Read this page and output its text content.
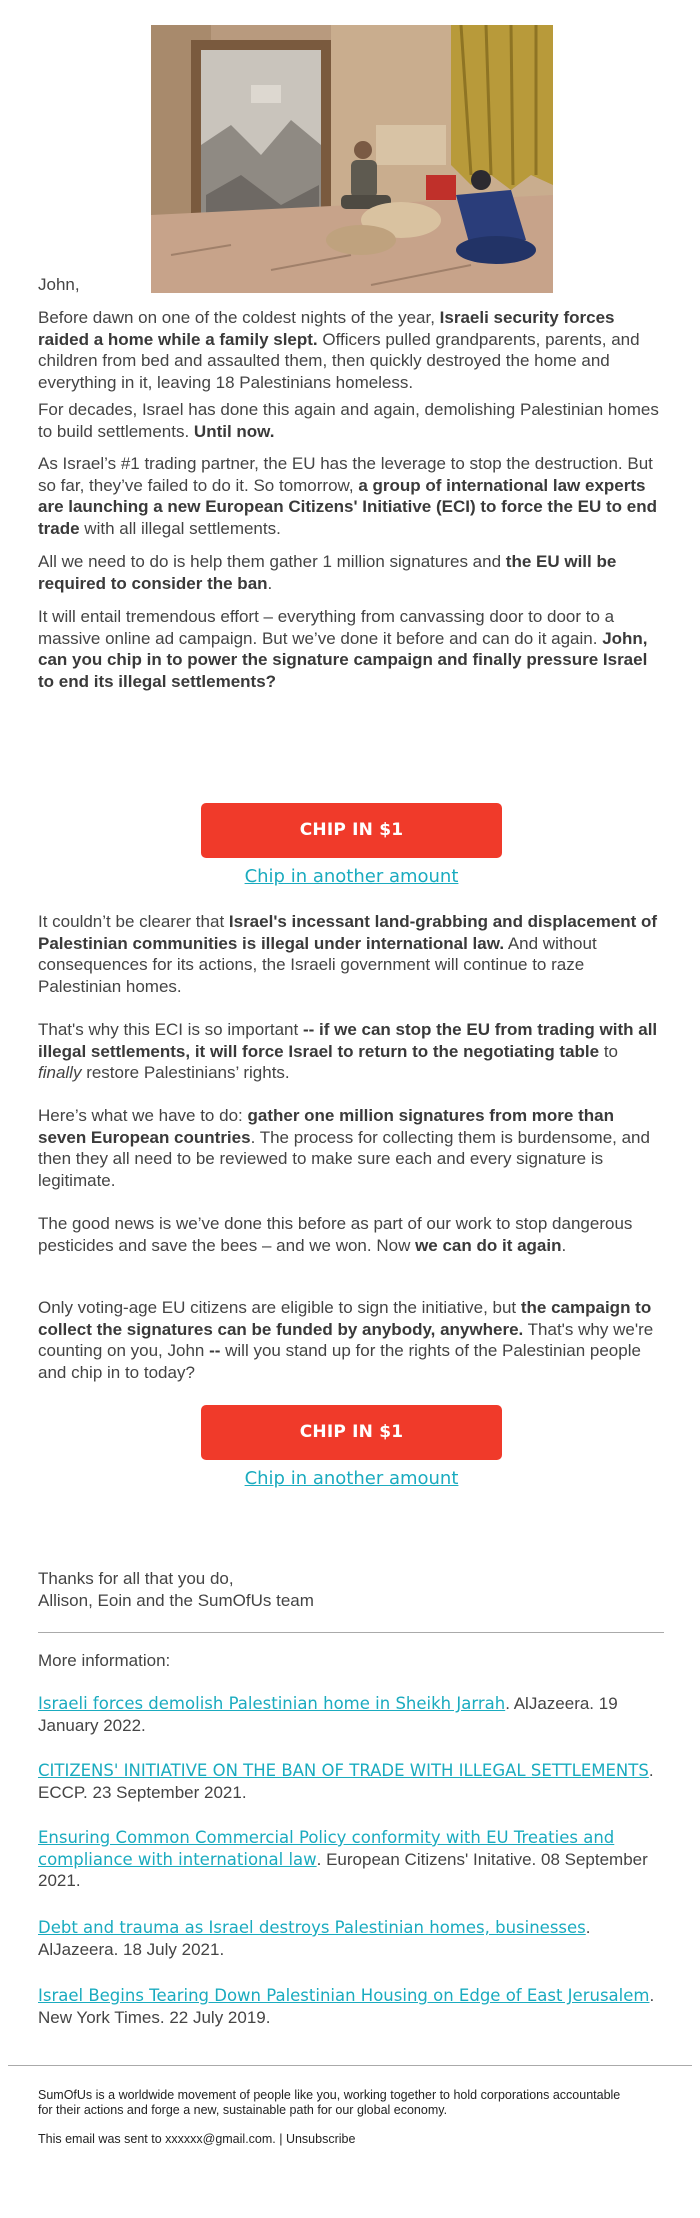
John,
Before dawn on one of the coldest nights of the year, Israeli security forces raided a home while a family slept. Officers pulled grandparents, parents, and children from bed and assaulted them, then quickly destroyed the home and everything in it, leaving 18 Palestinians homeless.
For decades, Israel has done this again and again, demolishing Palestinian homes to build settlements. Until now.
As Israel’s #1 trading partner, the EU has the leverage to stop the destruction. But so far, they’ve failed to do it. So tomorrow, a group of international law experts are launching a new European Citizens' Initiative (ECI) to force the EU to end trade with all illegal settlements.
All we need to do is help them gather 1 million signatures and the EU will be required to consider the ban.
It will entail tremendous effort – everything from canvassing door to door to a massive online ad campaign. But we’ve done it before and can do it again. John, can you chip in to power the signature campaign and finally pressure Israel to end its illegal settlements?
CHIP IN $1
Chip in another amount
It couldn’t be clearer that Israel's incessant land-grabbing and displacement of Palestinian communities is illegal under international law. And without consequences for its actions, the Israeli government will continue to raze Palestinian homes.
That's why this ECI is so important -- if we can stop the EU from trading with all illegal settlements, it will force Israel to return to the negotiating table to finally restore Palestinians’ rights.
Here’s what we have to do: gather one million signatures from more than seven European countries. The process for collecting them is burdensome, and then they all need to be reviewed to make sure each and every signature is legitimate.
The good news is we’ve done this before as part of our work to stop dangerous pesticides and save the bees – and we won. Now we can do it again.
Only voting-age EU citizens are eligible to sign the initiative, but the campaign to collect the signatures can be funded by anybody, anywhere. That's why we're counting on you, John -- will you stand up for the rights of the Palestinian people and chip in to today?
CHIP IN $1
Chip in another amount
Thanks for all that you do,
Allison, Eoin and the SumOfUs team
More information:
Israeli forces demolish Palestinian home in Sheikh Jarrah. AlJazeera. 19 January 2022.
CITIZENS' INITIATIVE ON THE BAN OF TRADE WITH ILLEGAL SETTLEMENTS. ECCP. 23 September 2021.
Ensuring Common Commercial Policy conformity with EU Treaties and compliance with international law. European Citizens' Initative. 08 September 2021.
Debt and trauma as Israel destroys Palestinian homes, businesses. AlJazeera. 18 July 2021.
Israel Begins Tearing Down Palestinian Housing on Edge of East Jerusalem. New York Times. 22 July 2019.
SumOfUs is a worldwide movement of people like you, working together to hold corporations accountable for their actions and forge a new, sustainable path for our global economy.
This email was sent to xxxxxx@gmail.com. | Unsubscribe
